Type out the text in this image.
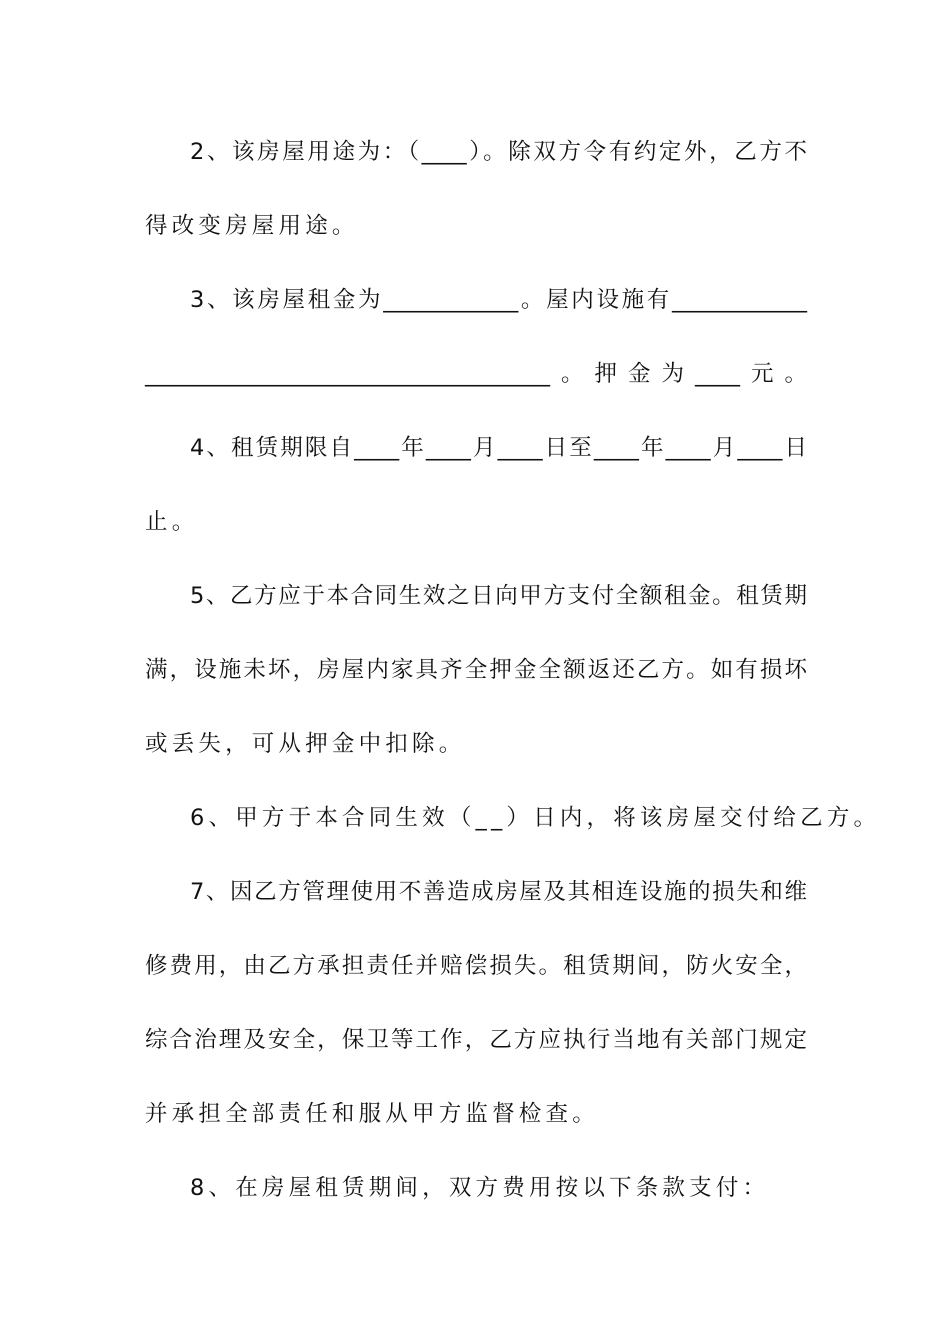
2、该房屋用途为：（____）。除双方令有约定外，乙方不
得改变房屋用途。
3、该房屋租金为____________。屋内设施有____________
____________________________________。押金为____元。
4、租赁期限自____年____月____日至____年____月____日
止。
5、乙方应于本合同生效之日向甲方支付全额租金。租赁期
满，设施未坏，房屋内家具齐全押金全额返还乙方。如有损坏
或丢失，可从押金中扣除。
6、甲方于本合同生效（__）日内，将该房屋交付给乙方。
7、因乙方管理使用不善造成房屋及其相连设施的损失和维
修费用，由乙方承担责任并赔偿损失。租赁期间，防火安全，
综合治理及安全，保卫等工作，乙方应执行当地有关部门规定
并承担全部责任和服从甲方监督检查。
8、在房屋租赁期间，双方费用按以下条款支付：
